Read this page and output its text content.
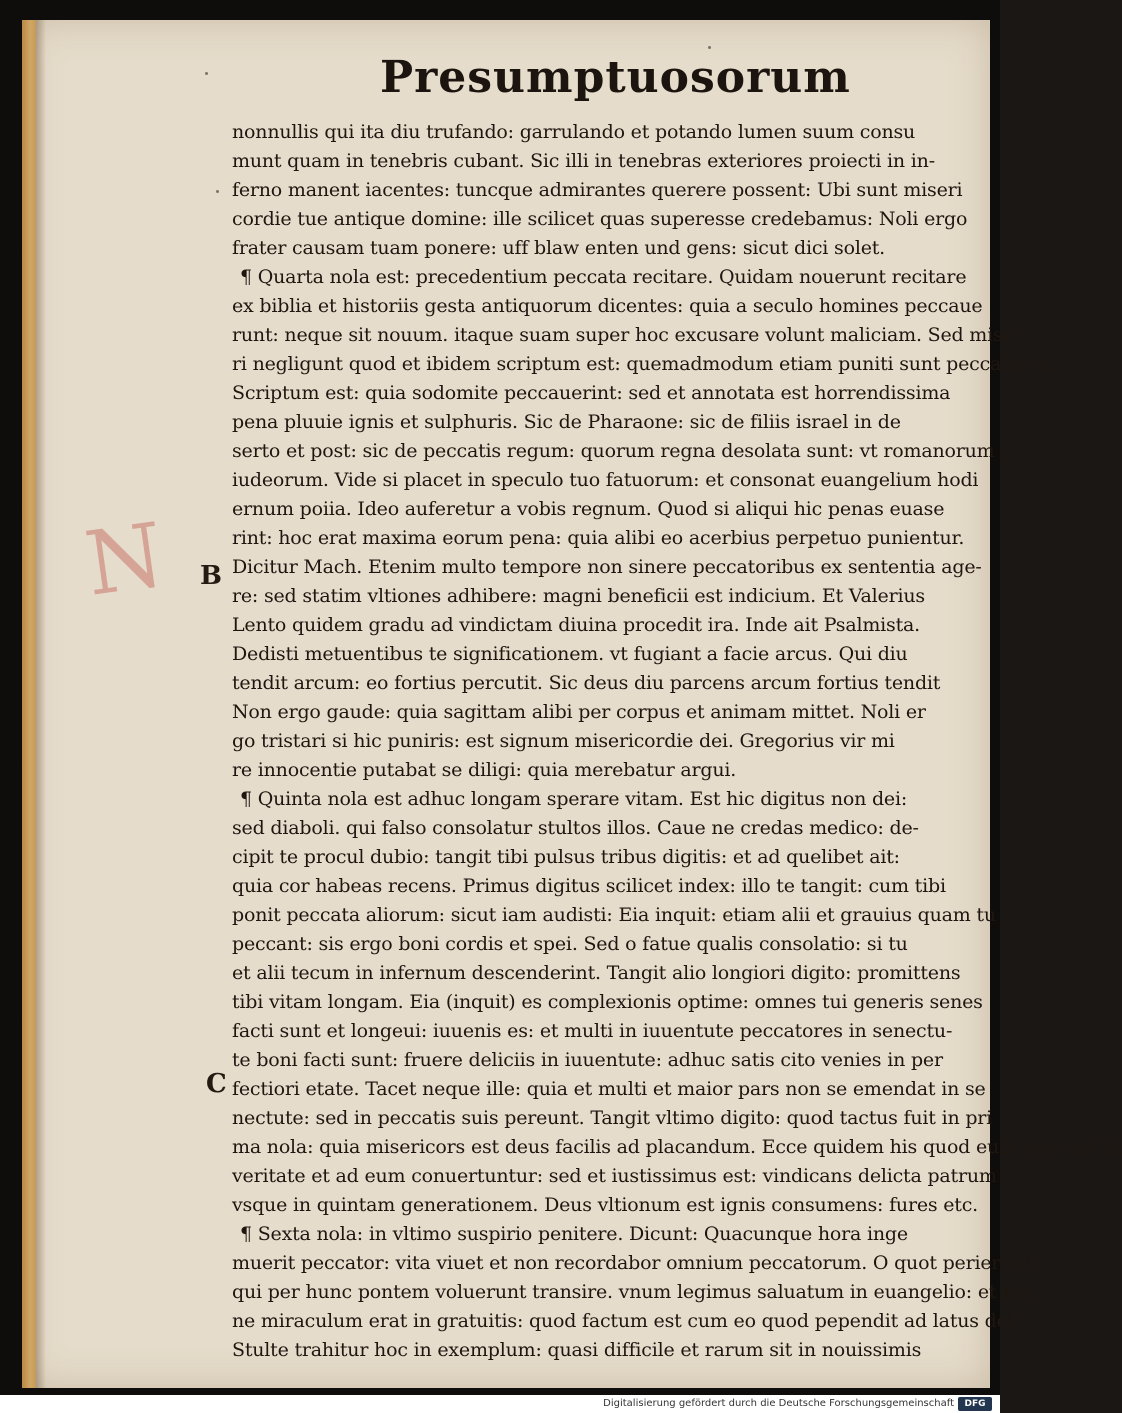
Presumptuosorum
nonnullis qui ita diu trufando: garrulando et potando lumen suum consu
munt quam in tenebris cubant. Sic illi in tenebras exteriores proiecti in in-
ferno manent iacentes: tuncque admirantes querere possent: Ubi sunt miseri
cordie tue antique domine: ille scilicet quas superesse credebamus: Noli ergo
frater causam tuam ponere: uff blaw enten und gens: sicut dici solet.
¶ Quarta nola est: precedentium peccata recitare. Quidam nouerunt recitare
ex biblia et historiis gesta antiquorum dicentes: quia a seculo homines peccaue
runt: neque sit nouum. itaque suam super hoc excusare volunt maliciam. Sed mise-
ri negligunt quod et ibidem scriptum est: quemadmodum etiam puniti sunt peccatores.
Scriptum est: quia sodomite peccauerint: sed et annotata est horrendissima
pena pluuie ignis et sulphuris. Sic de Pharaone: sic de filiis israel in de
serto et post: sic de peccatis regum: quorum regna desolata sunt: vt romanorum
iudeorum. Vide si placet in speculo tuo fatuorum: et consonat euangelium hodi
ernum poiia. Ideo auferetur a vobis regnum. Quod si aliqui hic penas euase
rint: hoc erat maxima eorum pena: quia alibi eo acerbius perpetuo punientur.
Dicitur Mach. Etenim multo tempore non sinere peccatoribus ex sententia age-
re: sed statim vltiones adhibere: magni beneficii est indicium. Et Valerius
Lento quidem gradu ad vindictam diuina procedit ira. Inde ait Psalmista.
Dedisti metuentibus te significationem. vt fugiant a facie arcus. Qui diu
tendit arcum: eo fortius percutit. Sic deus diu parcens arcum fortius tendit
Non ergo gaude: quia sagittam alibi per corpus et animam mittet. Noli er
go tristari si hic puniris: est signum misericordie dei. Gregorius vir mi
re innocentie putabat se diligi: quia merebatur argui.
¶ Quinta nola est adhuc longam sperare vitam. Est hic digitus non dei:
sed diaboli. qui falso consolatur stultos illos. Caue ne credas medico: de-
cipit te procul dubio: tangit tibi pulsus tribus digitis: et ad quelibet ait:
quia cor habeas recens. Primus digitus scilicet index: illo te tangit: cum tibi
ponit peccata aliorum: sicut iam audisti: Eia inquit: etiam alii et grauius quam tu
peccant: sis ergo boni cordis et spei. Sed o fatue qualis consolatio: si tu
et alii tecum in infernum descenderint. Tangit alio longiori digito: promittens
tibi vitam longam. Eia (inquit) es complexionis optime: omnes tui generis senes
facti sunt et longeui: iuuenis es: et multi in iuuentute peccatores in senectu-
te boni facti sunt: fruere deliciis in iuuentute: adhuc satis cito venies in per
fectiori etate. Tacet neque ille: quia et multi et maior pars non se emendat in se
nectute: sed in peccatis suis pereunt. Tangit vltimo digito: quod tactus fuit in pri
ma nola: quia misericors est deus facilis ad placandum. Ecce quidem his quod eum querunt in
veritate et ad eum conuertuntur: sed et iustissimus est: vindicans delicta patrum
vsque in quintam generationem. Deus vltionum est ignis consumens: fures etc.
¶ Sexta nola: in vltimo suspirio penitere. Dicunt: Quacunque hora inge
muerit peccator: vita viuet et non recordabor omnium peccatorum. O quot perierunt:
qui per hunc pontem voluerunt transire. vnum legimus saluatum in euangelio: et pla
ne miraculum erat in gratuitis: quod factum est cum eo quod pependit ad latus dei.
Stulte trahitur hoc in exemplum: quasi difficile et rarum sit in nouissimis
B
C
N
Digitalisierung gefördert durch die Deutsche Forschungsgemeinschaft	DFG
